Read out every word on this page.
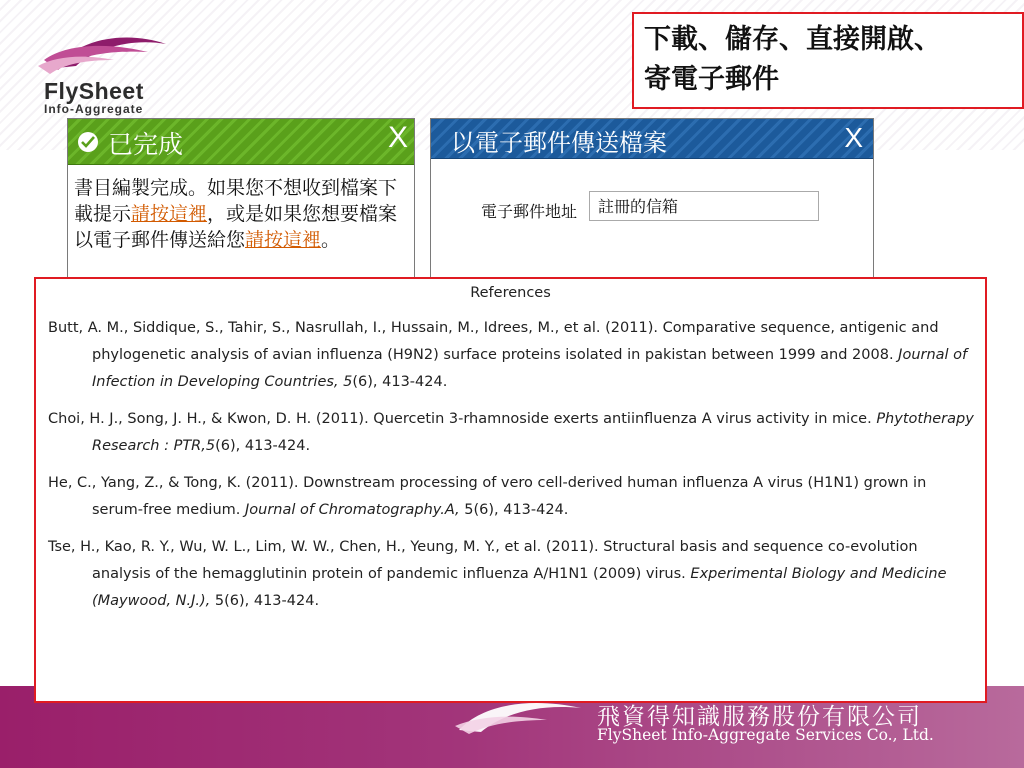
FlySheet
Info-Aggregate
下載、儲存、直接開啟、
寄電子郵件
已完成	X
書目編製完成。如果您不想收到檔案下載提示請按這裡，或是如果您想要檔案以電子郵件傳送給您請按這裡。
以電子郵件傳送檔案	X
電子郵件地址	註冊的信箱
References

Butt, A. M., Siddique, S., Tahir, S., Nasrullah, I., Hussain, M., Idrees, M., et al. (2011). Comparative sequence, antigenic and phylogenetic analysis of avian influenza (H9N2) surface proteins isolated in pakistan between 1999 and 2008. Journal of Infection in Developing Countries, 5(6), 413-424.

Choi, H. J., Song, J. H., & Kwon, D. H. (2011). Quercetin 3-rhamnoside exerts antiinfluenza A virus activity in mice. Phytotherapy Research : PTR,5(6), 413-424.

He, C., Yang, Z., & Tong, K. (2011). Downstream processing of vero cell-derived human influenza A virus (H1N1) grown in serum-free medium. Journal of Chromatography.A, 5(6), 413-424.

Tse, H., Kao, R. Y., Wu, W. L., Lim, W. W., Chen, H., Yeung, M. Y., et al. (2011). Structural basis and sequence co-evolution analysis of the hemagglutinin protein of pandemic influenza A/H1N1 (2009) virus. Experimental Biology and Medicine (Maywood, N.J.), 5(6), 413-424.

飛資得知識服務股份有限公司
FlySheet Info-Aggregate Services Co., Ltd.
